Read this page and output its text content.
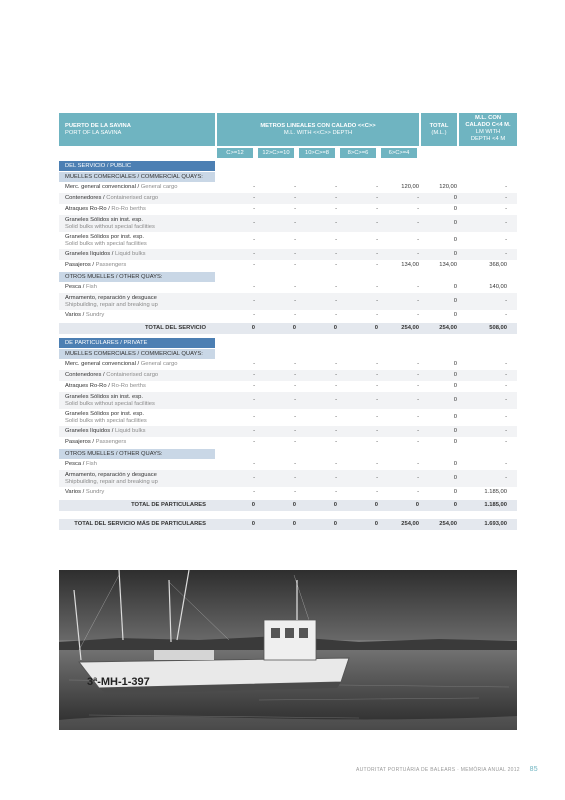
PUERTO DE LA SAVINA
PORT OF LA SAVINA
METROS LINEALES CON CALADO <<C>>
M.L. WITH <<C>> DEPTH
TOTAL
(M.L.)
M.L. CON
CALADO C<4 M.
LM WITH
DEPTH <4 M
C>=12	12>C>=10	10>C>=8	8>C>=6	6>C>=4
DEL SERVICIO / PUBLIC
MUELLES COMERCIALES / COMMERCIAL QUAYS:
Merc. general convencional / General cargo	-	-	-	-	120,00	120,00	-
Contenedores / Containerised cargo	-	-	-	-	-	0	-
Atraques Ro-Ro / Ro-Ro berths	-	-	-	-	-	0	-
Graneles Sólidos sin inst. esp.
Solid bulks without special facilities
-	-	-	-	-	0	-
Graneles Sólidos por inst. esp.
Solid bulks with special facilities
-	-	-	-	-	0	-
Graneles líquidos / Liquid bulks	-	-	-	-	-	0	-
Pasajeros / Passengers	-	-	-	-	134,00	134,00	368,00
OTROS MUELLES / OTHER QUAYS:
Pesca / Fish	-	-	-	-	-	0	140,00
Armamento, reparación y desguace
Shipbuilding, repair and breaking up
-	-	-	-	-	0	-
Varios / Sundry	-	-	-	-	-	0	-
TOTAL DEL SERVICIO	0	0	0	0	254,00	254,00	508,00
DE PARTICULARES / PRIVATE
MUELLES COMERCIALES / COMMERCIAL QUAYS:
Merc. general convencional / General cargo	-	-	-	-	-	0	-
Contenedores / Containerised cargo	-	-	-	-	-	0	-
Atraques Ro-Ro / Ro-Ro berths	-	-	-	-	-	0	-
Graneles Sólidos sin inst. esp.
Solid bulks without special facilities
-	-	-	-	-	0	-
Graneles Sólidos por inst. esp.
Solid bulks with special facilities
-	-	-	-	-	0	-
Graneles líquidos / Liquid bulks	-	-	-	-	-	0	-
Pasajeros / Passengers	-	-	-	-	-	0	-
OTROS MUELLES / OTHER QUAYS:
Pesca / Fish	-	-	-	-	-	0	-
Armamento, reparación y desguace
Shipbuilding, repair and breaking up
-	-	-	-	-	0	-
Varios / Sundry	-	-	-	-	-	0	1.185,00
TOTAL DE PARTICULARES	0	0	0	0	0	0	1.185,00
TOTAL DEL SERVICIO MÁS DE PARTICULARES	0	0	0	0	254,00	254,00	1.693,00
3ª-MH-1-397
AUTORITAT PORTUÀRIA DE BALEARS · MEMÒRIA ANUAL 2012 85
